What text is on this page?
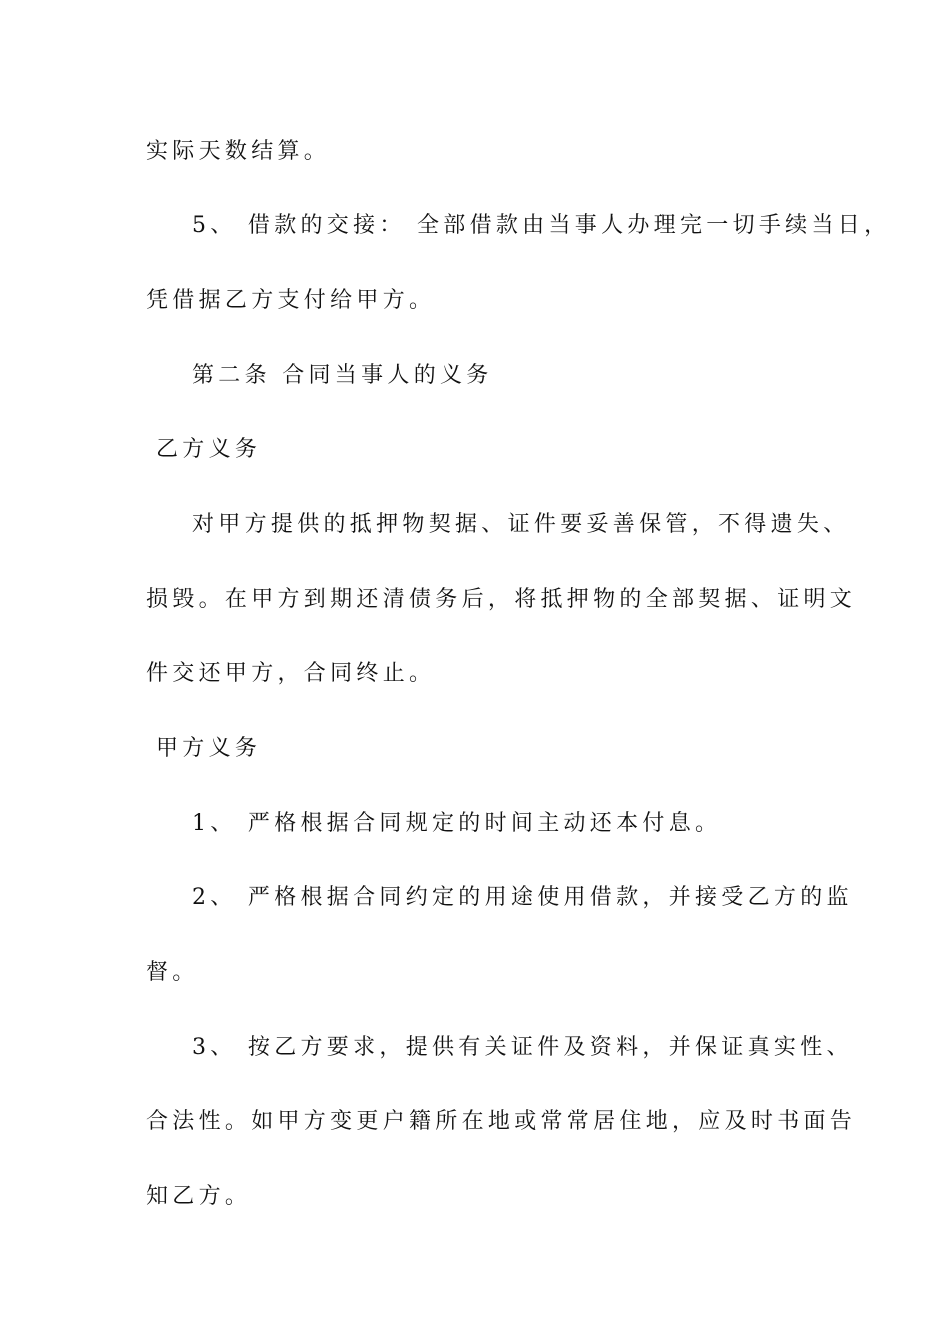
实际天数结算。
5、 借款的交接： 全部借款由当事人办理完一切手续当日，
凭借据乙方支付给甲方。
第二条 合同当事人的义务
乙方义务
对甲方提供的抵押物契据、证件要妥善保管，不得遗失、
损毁。在甲方到期还清债务后，将抵押物的全部契据、证明文
件交还甲方，合同终止。
甲方义务
1、 严格根据合同规定的时间主动还本付息。
2、 严格根据合同约定的用途使用借款，并接受乙方的监
督。
3、 按乙方要求，提供有关证件及资料，并保证真实性、
合法性。如甲方变更户籍所在地或常常居住地，应及时书面告
知乙方。
